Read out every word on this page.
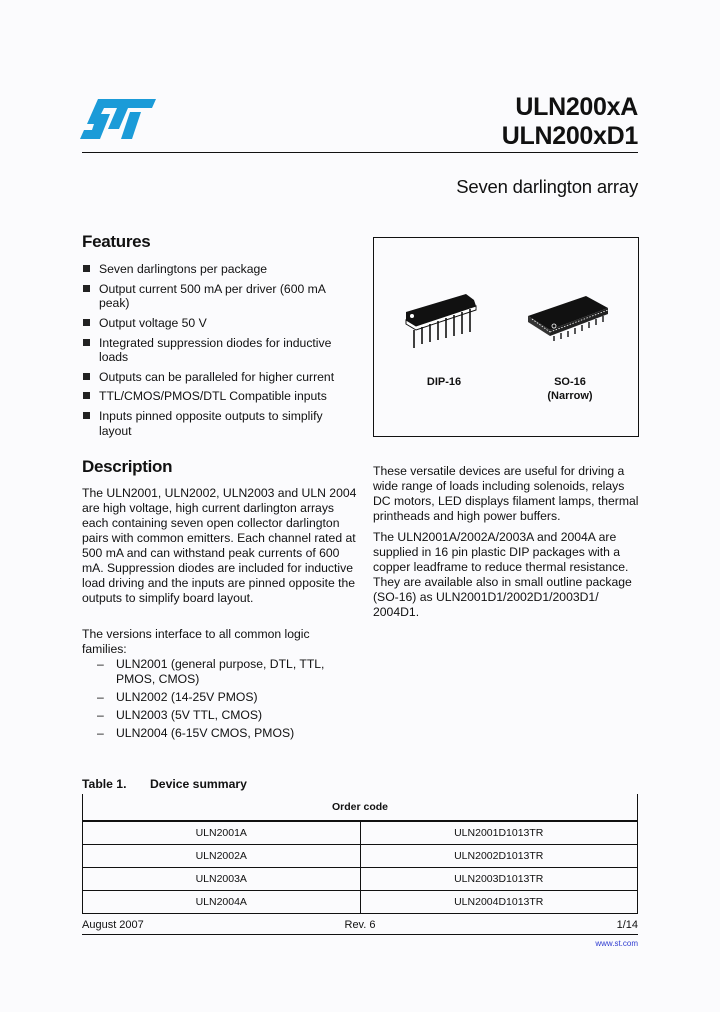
ULN200xA
ULN200xD1
Seven darlington array
Features
Seven darlingtons per package
Output current 500 mA per driver (600 mA peak)
Output voltage 50 V
Integrated suppression diodes for inductive loads
Outputs can be paralleled for higher current
TTL/CMOS/PMOS/DTL Compatible inputs
Inputs pinned opposite outputs to simplify layout
DIP-16	SO-16
(Narrow)
Description

The ULN2001, ULN2002, ULN2003 and ULN 2004 are high voltage, high current darlington arrays each containing seven open collector darlington pairs with common emitters. Each channel rated at 500 mA and can withstand peak currents of 600 mA. Suppression diodes are included for inductive load driving and the inputs are pinned opposite the outputs to simplify board layout.

The versions interface to all common logic families:

– ULN2001 (general purpose, DTL, TTL, PMOS, CMOS)
– ULN2002 (14-25V PMOS)
– ULN2003 (5V TTL, CMOS)
– ULN2004 (6-15V CMOS, PMOS)

These versatile devices are useful for driving a wide range of loads including solenoids, relays DC motors, LED displays filament lamps, thermal printheads and high power buffers.

The ULN2001A/2002A/2003A and 2004A are supplied in 16 pin plastic DIP packages with a copper leadframe to reduce thermal resistance. They are available also in small outline package (SO-16) as ULN2001D1/2002D1/2003D1/ 2004D1.

Table 1. Device summary
Order code	
ULN2001A	ULN2001D1013TR
ULN2002A	ULN2002D1013TR
ULN2003A	ULN2003D1013TR
ULN2004A	ULN2004D1013TR
August 2007	Rev. 6	1/14
www.st.com
